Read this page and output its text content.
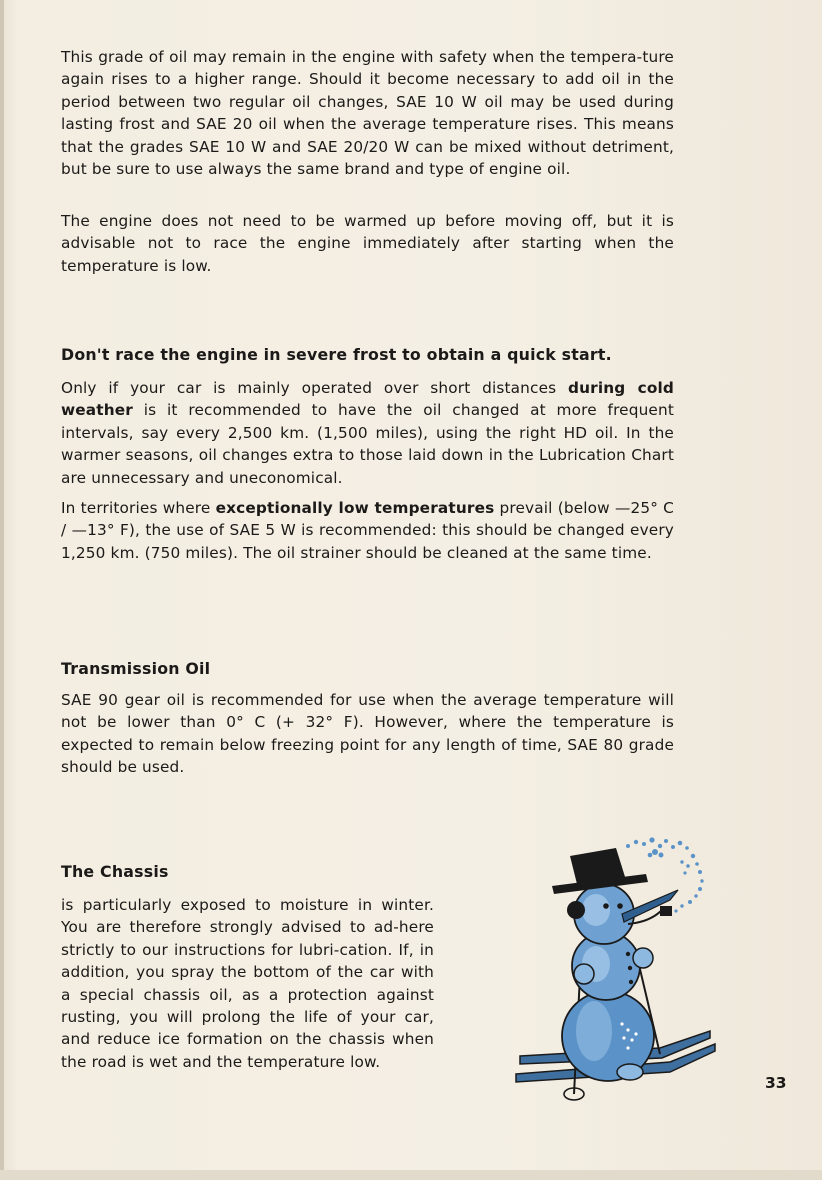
This grade of oil may remain in the engine with safety when the tempera-ture again rises to a higher range. Should it become necessary to add oil in the period between two regular oil changes, SAE 10 W oil may be used during lasting frost and SAE 20 oil when the average temperature rises. This means that the grades SAE 10 W and SAE 20/20 W can be mixed without detriment, but be sure to use always the same brand and type of engine oil.

The engine does not need to be warmed up before moving off, but it is advisable not to race the engine immediately after starting when the temperature is low.

Don't race the engine in severe frost to obtain a quick start.

Only if your car is mainly operated over short distances during cold weather is it recommended to have the oil changed at more frequent intervals, say every 2,500 km. (1,500 miles), using the right HD oil. In the warmer seasons, oil changes extra to those laid down in the Lubrication Chart are unnecessary and uneconomical.

In territories where exceptionally low temperatures prevail (below —25° C / —13° F), the use of SAE 5 W is recommended: this should be changed every 1,250 km. (750 miles). The oil strainer should be cleaned at the same time.

Transmission Oil

SAE 90 gear oil is recommended for use when the average temperature will not be lower than 0° C (+ 32° F). However, where the temperature is expected to remain below freezing point for any length of time, SAE 80 grade should be used.

The Chassis

is particularly exposed to moisture in winter. You are therefore strongly advised to ad-here strictly to our instructions for lubri-cation. If, in addition, you spray the bottom of the car with a special chassis oil, as a protection against rusting, you will prolong the life of your car, and reduce ice formation on the chassis when the road is wet and the temperature low.

33
